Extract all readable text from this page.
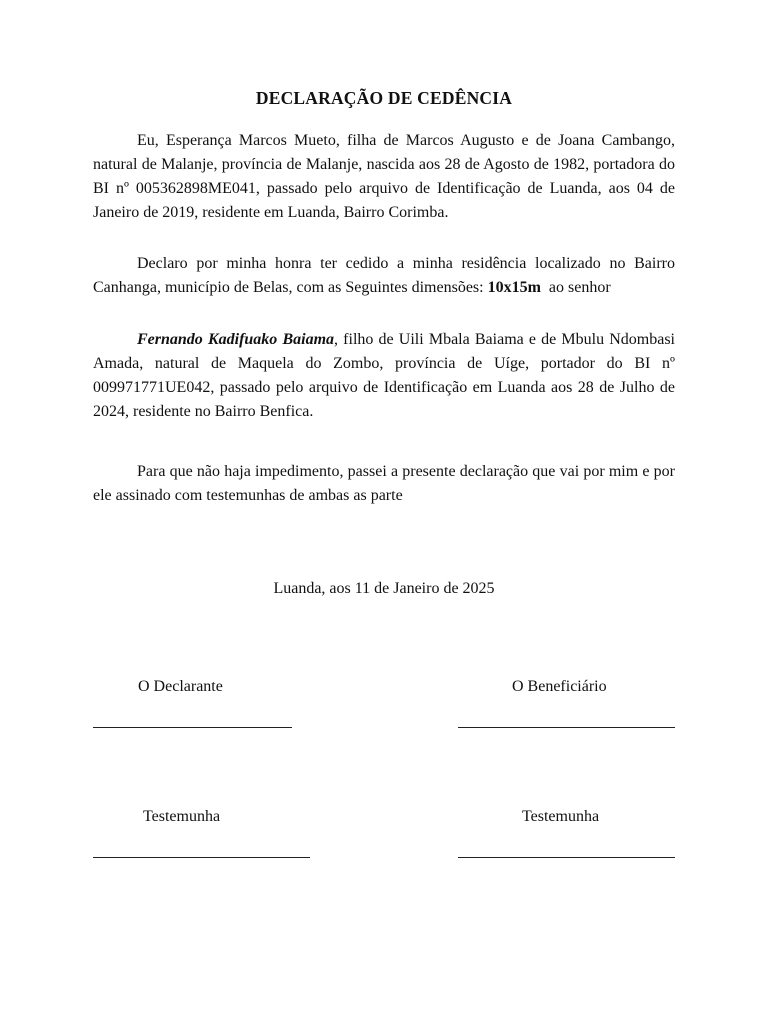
DECLARAÇÃO DE CEDÊNCIA
Eu, Esperança Marcos Mueto, filha de Marcos Augusto e de Joana Cambango, natural de Malanje, província de Malanje, nascida aos 28 de Agosto de 1982, portadora do BI nº 005362898ME041, passado pelo arquivo de Identificação de Luanda, aos 04 de Janeiro de 2019, residente em Luanda, Bairro Corimba.
Declaro por minha honra ter cedido a minha residência localizado no Bairro Canhanga, município de Belas, com as Seguintes dimensões: 10x15m  ao senhor
Fernando Kadifuako Baiama, filho de Uili Mbala Baiama e de Mbulu Ndombasi Amada, natural de Maquela do Zombo, província de Uíge, portador do BI nº 009971771UE042, passado pelo arquivo de Identificação em Luanda aos 28 de Julho de 2024, residente no Bairro Benfica.
Para que não haja impedimento, passei a presente declaração que vai por mim e por ele assinado com testemunhas de ambas as parte
Luanda, aos 11 de Janeiro de 2025
O Declarante	O Beneficiário
Testemunha	Testemunha
